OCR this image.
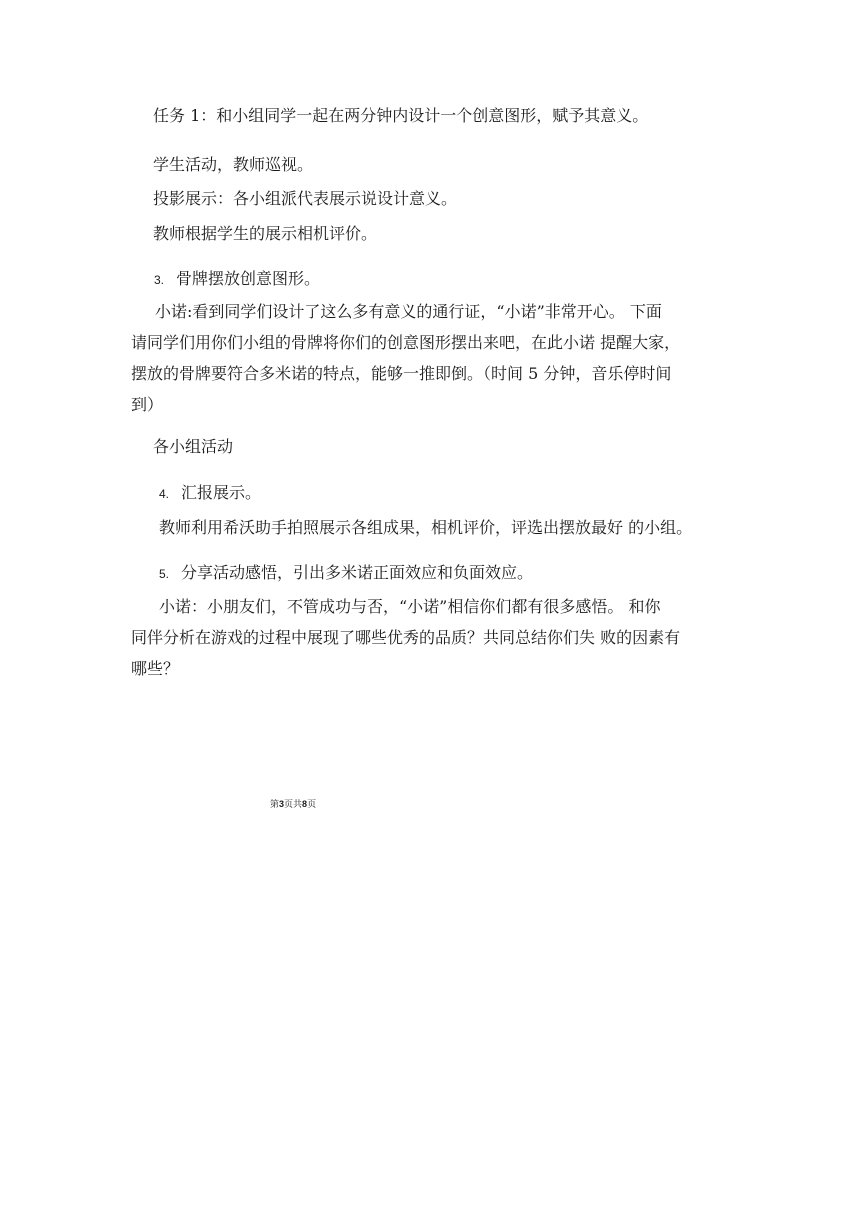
任务 1：和小组同学一起在两分钟内设计一个创意图形，赋予其意义。
学生活动，教师巡视。
投影展示：各小组派代表展示说设计意义。
教师根据学生的展示相机评价。
3. 骨牌摆放创意图形。
小诺:看到同学们设计了这么多有意义的通行证，“小诺”非常开心。 下面
请同学们用你们小组的骨牌将你们的创意图形摆出来吧，在此小诺 提醒大家，
摆放的骨牌要符合多米诺的特点，能够一推即倒。（时间 5 分钟，音乐停时间
到）
各小组活动
4. 汇报展示。
教师利用希沃助手拍照展示各组成果，相机评价，评选出摆放最好 的小组。
5. 分享活动感悟，引出多米诺正面效应和负面效应。
小诺：小朋友们，不管成功与否，“小诺”相信你们都有很多感悟。 和你
同伴分析在游戏的过程中展现了哪些优秀的品质？共同总结你们失 败的因素有
哪些？
第3页共8页
